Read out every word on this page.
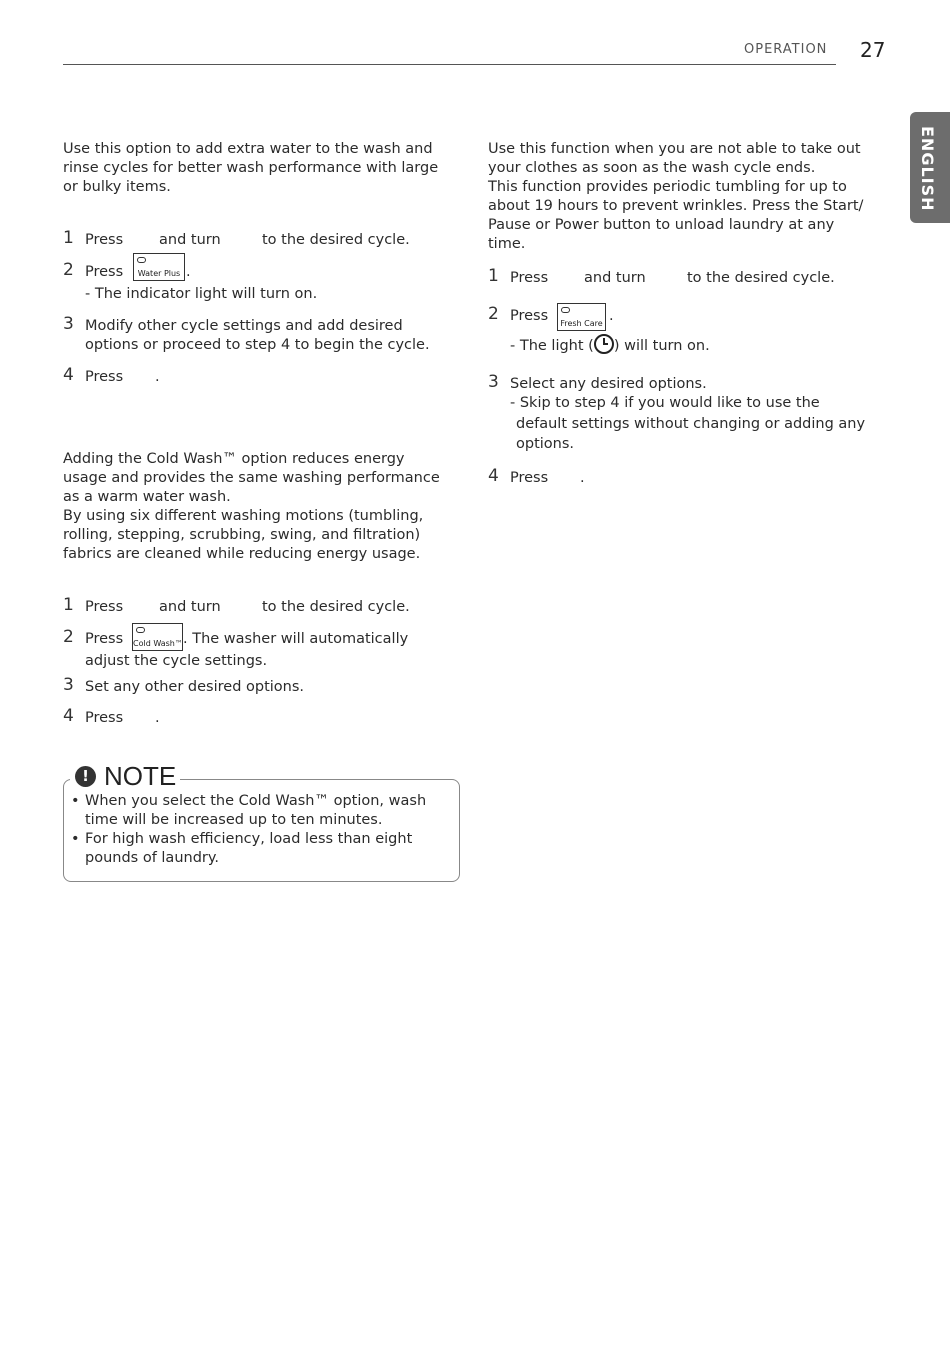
OPERATION 27
ENGLISH

Use this option to add extra water to the wash and

rinse cycles for better wash performance with large

or bulky items.

1 Press and turn	to the desired cycle.
2 Press	Water Plus .
- The indicator light will turn on.
3 Modify other cycle settings and add desired
options or proceed to step 4 to begin the cycle.
4 Press .

Adding the Cold Wash™ option reduces energy

usage and provides the same washing performance

as a warm water wash.

By using six different washing motions (tumbling,

rolling, stepping, scrubbing, swing, and filtration)

fabrics are cleaned while reducing energy usage.

1 Press and turn	to the desired cycle.
2 Press Cold Wash™ . The washer will automatically
adjust the cycle settings.
3 Set any other desired options.
4 Press .
! NOTE
• When you select the Cold Wash™ option, wash
time will be increased up to ten minutes.
• For high wash efficiency, load less than eight
pounds of laundry.

Use this function when you are not able to take out

your clothes as soon as the wash cycle ends.

This function provides periodic tumbling for up to

about 19 hours to prevent wrinkles. Press the Start/

Pause or Power button to unload laundry at any

time.

1 Press and turn	to the desired cycle.
2 Press Fresh Care .
- The light ( ) will turn on.
3 Select any desired options.
- Skip to step 4 if you would like to use the
default settings without changing or adding any
options.
4 Press .
